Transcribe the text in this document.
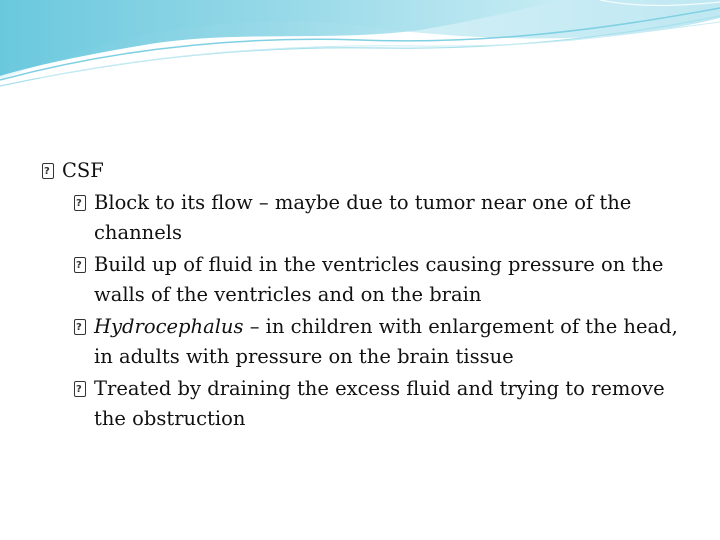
?
CSF
?
Block to its flow – maybe due to tumor near one of the channels
?
Build up of fluid in the ventricles causing pressure on the walls of the ventricles and on the brain
?
Hydrocephalus – in children with enlargement of the head, in adults with pressure on the brain tissue
?
Treated by draining the excess fluid and trying to remove the obstruction
